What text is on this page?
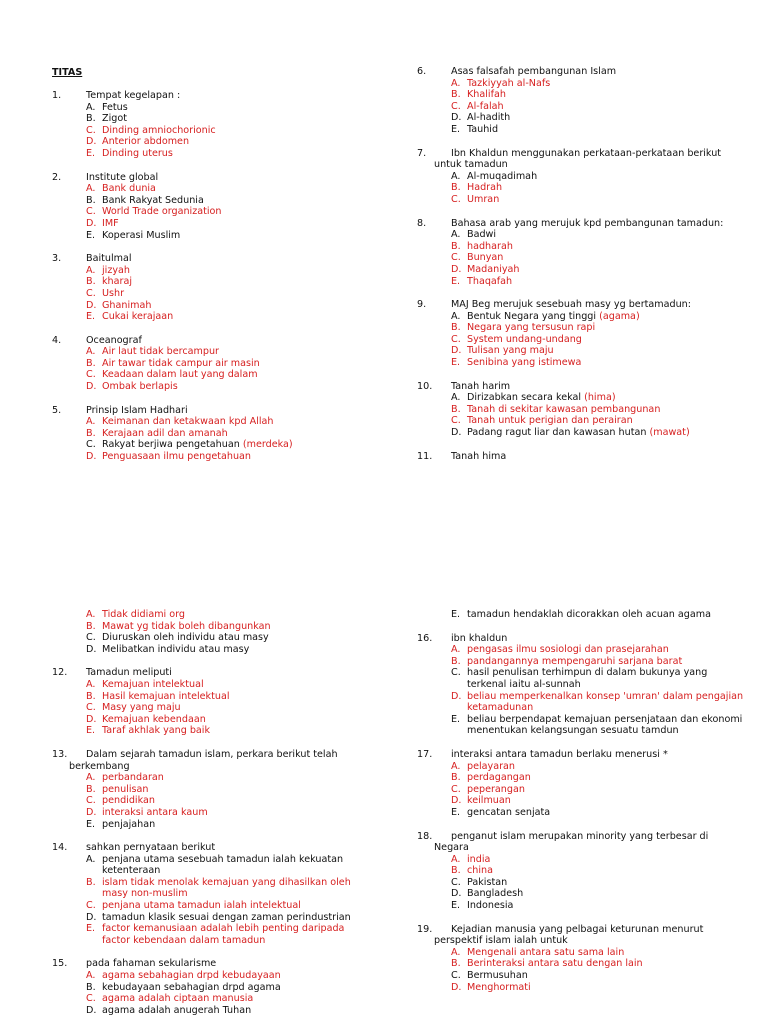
TITAS
1.	Tempat kegelapan :
A. Fetus
B. Zigot
C. Dinding amniochorionic
D. Anterior abdomen
E. Dinding uterus
2.	Institute global
A. Bank dunia
B. Bank Rakyat Sedunia
C. World Trade organization
D. IMF
E. Koperasi Muslim
3.	Baitulmal
A. jizyah
B. kharaj
C. Ushr
D. Ghanimah
E. Cukai kerajaan
4.	Oceanograf
A. Air laut tidak bercampur
B. Air tawar tidak campur air masin
C. Keadaan dalam laut yang dalam
D. Ombak berlapis
5.	Prinsip Islam Hadhari
A. Keimanan dan ketakwaan kpd Allah
B. Kerajaan adil dan amanah
C. Rakyat berjiwa pengetahuan (merdeka)
D. Penguasaan ilmu pengetahuan
6.	Asas falsafah pembangunan Islam
A. Tazkiyyah al-Nafs
B. Khalifah
C. Al-falah
D. Al-hadith
E. Tauhid
7.	Ibn Khaldun menggunakan perkataan-perkataan berikut
untuk tamadun
A. Al-muqadimah
B. Hadrah
C. Umran
8.	Bahasa arab yang merujuk kpd pembangunan tamadun:
A. Badwi
B. hadharah
C. Bunyan
D. Madaniyah
E. Thaqafah
9.	MAJ Beg merujuk sesebuah masy yg bertamadun:
A. Bentuk Negara yang tinggi (agama)
B. Negara yang tersusun rapi
C. System undang-undang
D. Tulisan yang maju
E. Senibina yang istimewa
10.	Tanah harim
A. Dirizabkan secara kekal (hima)
B. Tanah di sekitar kawasan pembangunan
C. Tanah untuk perigian dan perairan
D. Padang ragut liar dan kawasan hutan (mawat)
11.	Tanah hima
A. Tidak didiami org
B. Mawat yg tidak boleh dibangunkan
C. Diuruskan oleh individu atau masy
D. Melibatkan individu atau masy
12.	Tamadun meliputi
A. Kemajuan intelektual
B. Hasil kemajuan intelektual
C. Masy yang maju
D. Kemajuan kebendaan
E. Taraf akhlak yang baik
13.	Dalam sejarah tamadun islam, perkara berikut telah
berkembang
A. perbandaran
B. penulisan
C. pendidikan
D. interaksi antara kaum
E. penjajahan
14.	sahkan pernyataan berikut
A. penjana utama sesebuah tamadun ialah kekuatan ketenteraan
B. islam tidak menolak kemajuan yang dihasilkan oleh masy non-muslim
C. penjana utama tamadun ialah intelektual
D. tamadun klasik sesuai dengan zaman perindustrian
E. factor kemanusiaan adalah lebih penting daripada factor kebendaan dalam tamadun
15.	pada fahaman sekularisme
A. agama sebahagian drpd kebudayaan
B. kebudayaan sebahagian drpd agama
C. agama adalah ciptaan manusia
D. agama adalah anugerah Tuhan
E. tamadun hendaklah dicorakkan oleh acuan agama
16.	ibn khaldun
A. pengasas ilmu sosiologi dan prasejarahan
B. pandangannya mempengaruhi sarjana barat
C. hasil penulisan terhimpun di dalam bukunya yang terkenal iaitu al-sunnah
D. beliau memperkenalkan konsep 'umran' dalam pengajian ketamadunan
E. beliau berpendapat kemajuan persenjataan dan ekonomi menentukan kelangsungan sesuatu tamdun
17.	interaksi antara tamadun berlaku menerusi *
A. pelayaran
B. perdagangan
C. peperangan
D. keilmuan
E. gencatan senjata
18.	penganut islam merupakan minority yang terbesar di
Negara
A. india
B. china
C. Pakistan
D. Bangladesh
E. Indonesia
19.	Kejadian manusia yang pelbagai keturunan menurut
perspektif islam ialah untuk
A. Mengenali antara satu sama lain
B. Berinteraksi antara satu dengan lain
C. Bermusuhan
D. Menghormati
